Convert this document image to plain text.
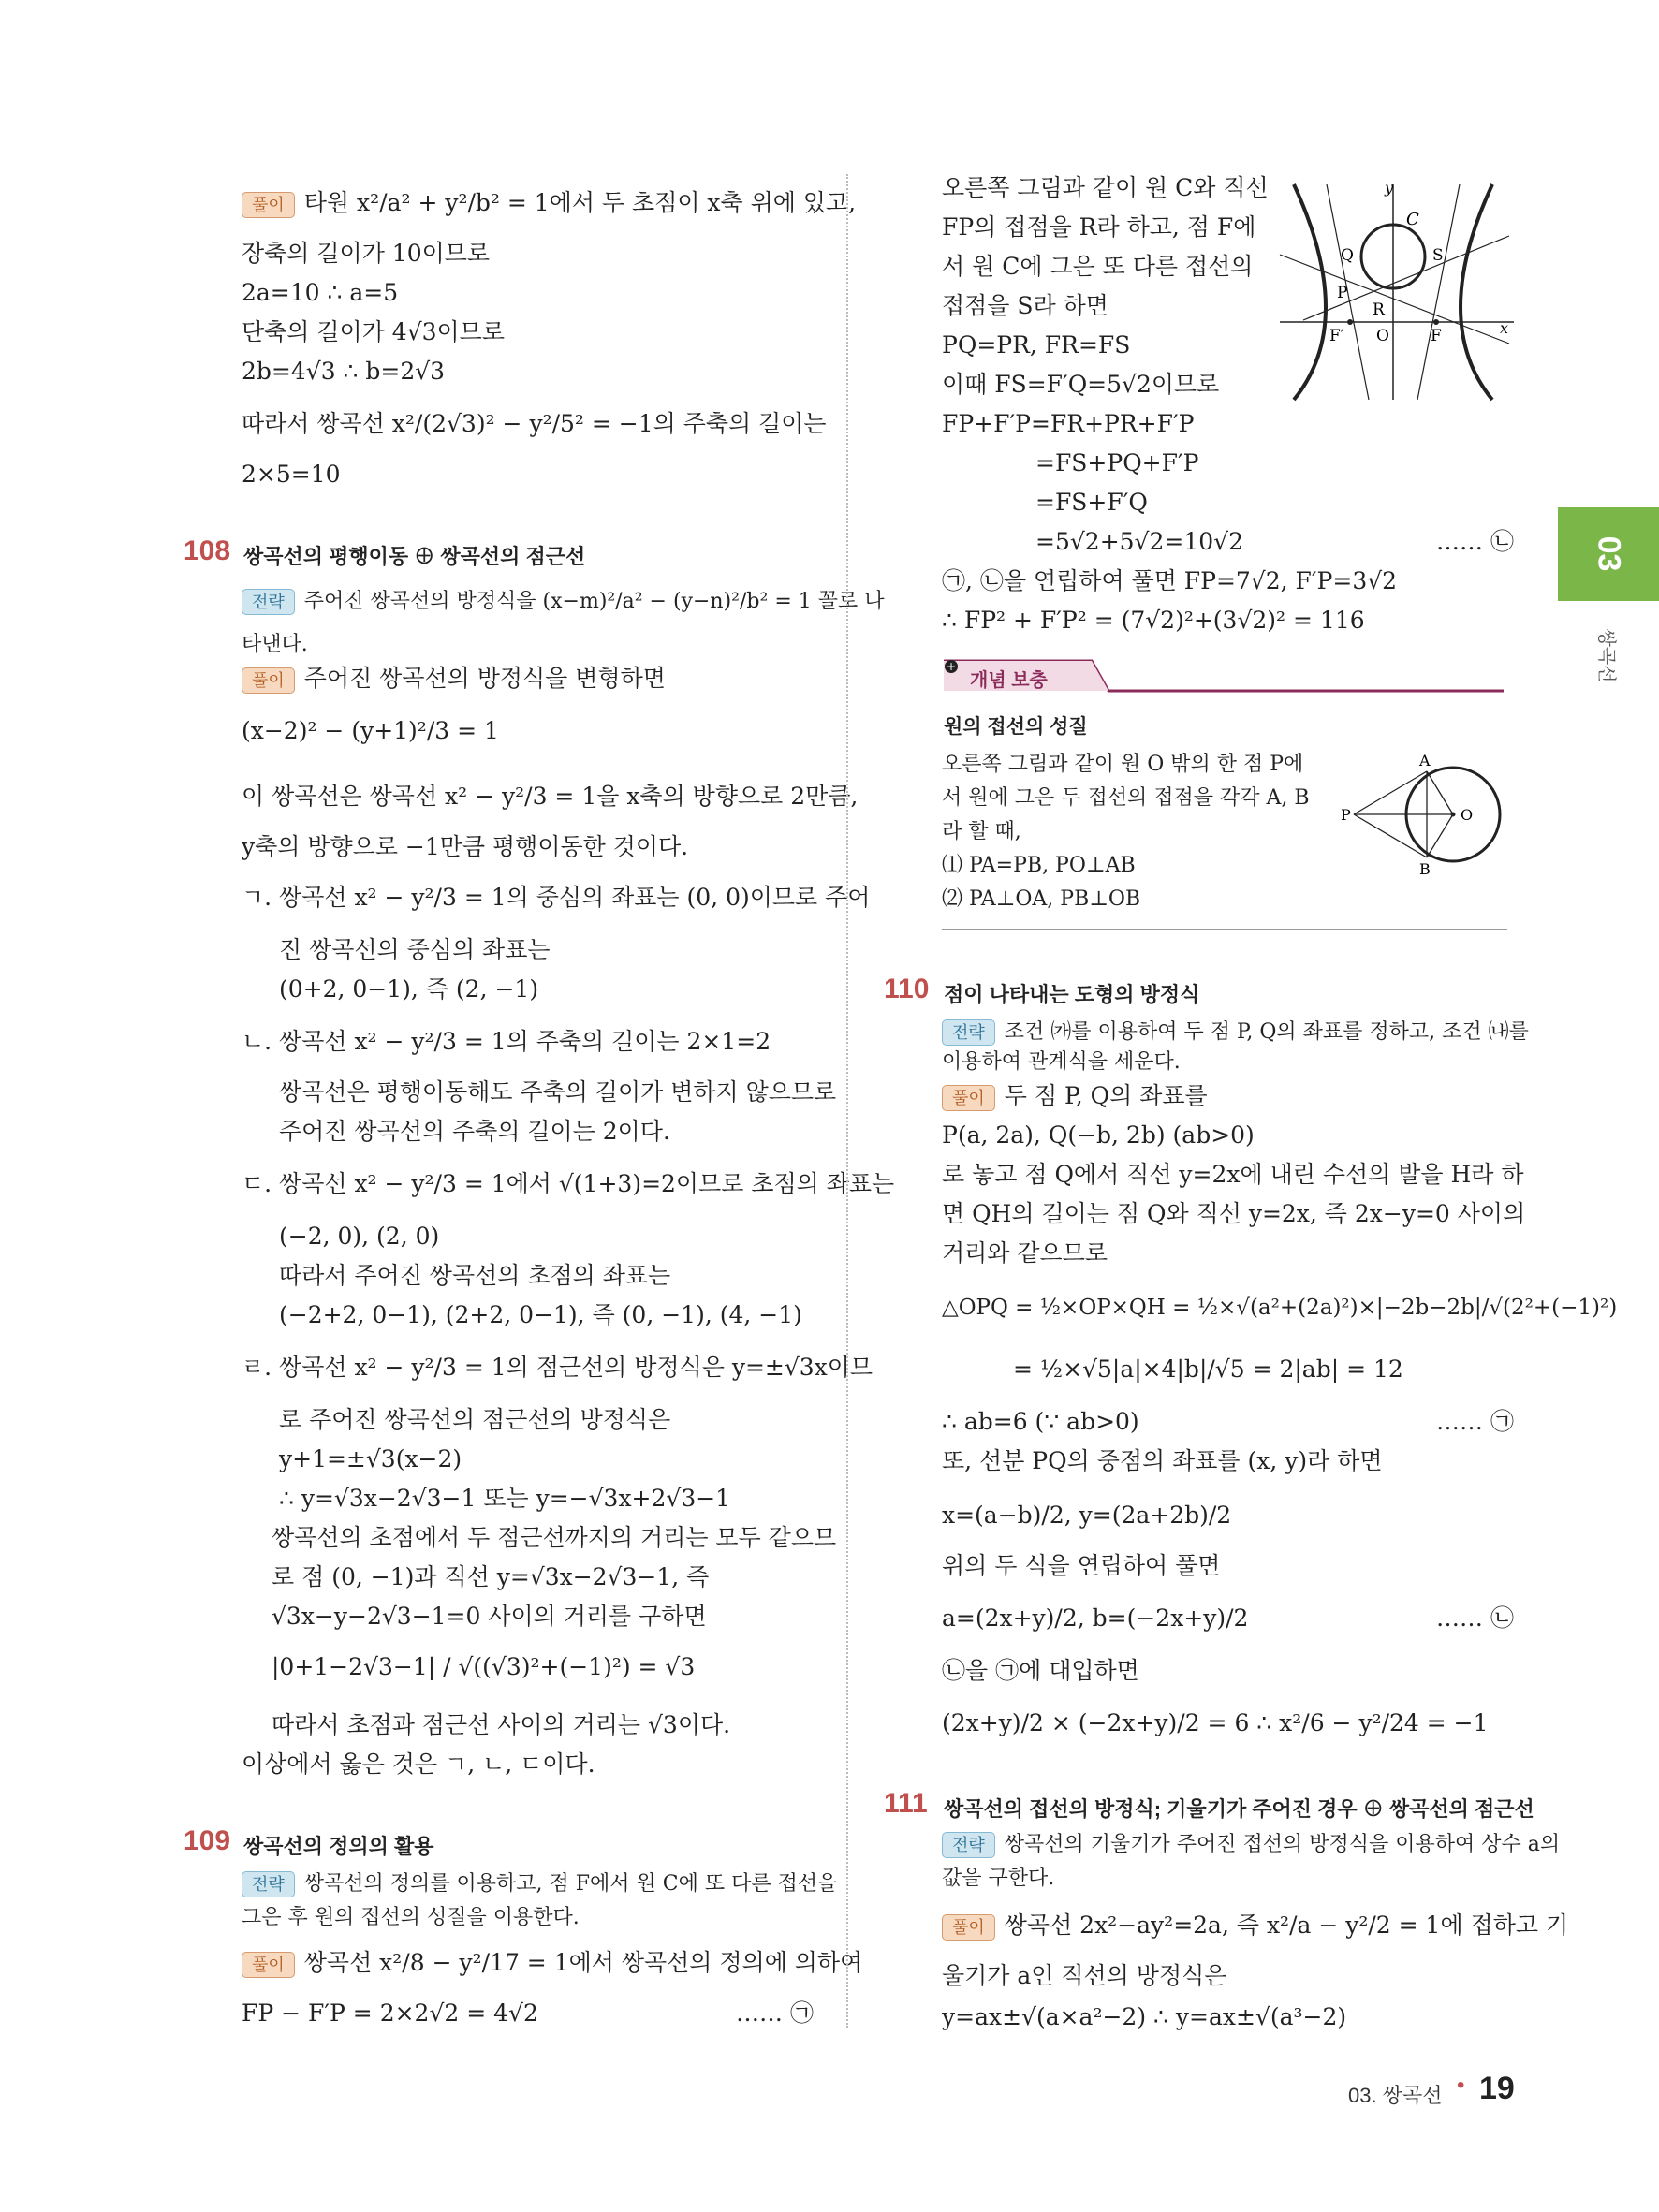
풀이 타원 x²/a² + y²/b² = 1에서 두 초점이 x축 위에 있고,
장축의 길이가 10이므로
2a=10 ∴ a=5
단축의 길이가 4√3이므로
2b=4√3 ∴ b=2√3
따라서 쌍곡선 x²/(2√3)² − y²/5² = −1의 주축의 길이는
2×5=10
108 쌍곡선의 평행이동 ⊕ 쌍곡선의 점근선
전략 주어진 쌍곡선의 방정식을 (x−m)²/a² − (y−n)²/b² = 1 꼴로 나
타낸다.
풀이 주어진 쌍곡선의 방정식을 변형하면
(x−2)² − (y+1)²/3 = 1
이 쌍곡선은 쌍곡선 x² − y²/3 = 1을 x축의 방향으로 2만큼,
y축의 방향으로 −1만큼 평행이동한 것이다.
ㄱ. 쌍곡선 x² − y²/3 = 1의 중심의 좌표는 (0, 0)이므로 주어
진 쌍곡선의 중심의 좌표는
(0+2, 0−1), 즉 (2, −1)
ㄴ. 쌍곡선 x² − y²/3 = 1의 주축의 길이는 2×1=2
쌍곡선은 평행이동해도 주축의 길이가 변하지 않으므로
주어진 쌍곡선의 주축의 길이는 2이다.
ㄷ. 쌍곡선 x² − y²/3 = 1에서 √(1+3)=2이므로 초점의 좌표는
(−2, 0), (2, 0)
따라서 주어진 쌍곡선의 초점의 좌표는
(−2+2, 0−1), (2+2, 0−1), 즉 (0, −1), (4, −1)
ㄹ. 쌍곡선 x² − y²/3 = 1의 점근선의 방정식은 y=±√3x이므
로 주어진 쌍곡선의 점근선의 방정식은
y+1=±√3(x−2)
∴ y=√3x−2√3−1 또는 y=−√3x+2√3−1
쌍곡선의 초점에서 두 점근선까지의 거리는 모두 같으므
로 점 (0, −1)과 직선 y=√3x−2√3−1, 즉
√3x−y−2√3−1=0 사이의 거리를 구하면
|0+1−2√3−1| / √((√3)²+(−1)²) = √3
따라서 초점과 점근선 사이의 거리는 √3이다.
이상에서 옳은 것은 ㄱ, ㄴ, ㄷ이다.
109 쌍곡선의 정의의 활용
전략 쌍곡선의 정의를 이용하고, 점 F에서 원 C에 또 다른 접선을
그은 후 원의 접선의 성질을 이용한다.
풀이 쌍곡선 x²/8 − y²/17 = 1에서 쌍곡선의 정의에 의하여
FP − F′P = 2×2√2 = 4√2	…… ㉠
오른쪽 그림과 같이 원 C와 직선
FP의 접점을 R라 하고, 점 F에
서 원 C에 그은 또 다른 접선의
접점을 S라 하면
PQ=PR, FR=FS
이때 FS=F′Q=5√2이므로
FP+F′P=FR+PR+F′P
=FS+PQ+F′P
=FS+F′Q
=5√2+5√2=10√2	…… ㉡
㉠, ㉡을 연립하여 풀면 FP=7√2, F′P=3√2
∴ FP² + F′P² = (7√2)²+(3√2)² = 116
y
C
Q	S
P
R
F′ O	F	x
+
개념 보충
원의 접선의 성질
오른쪽 그림과 같이 원 O 밖의 한 점 P에
서 원에 그은 두 접선의 접점을 각각 A, B
라 할 때,
⑴ PA=PB, PO⊥AB
⑵ PA⊥OA, PB⊥OB
A
P	O
B
110 점이 나타내는 도형의 방정식
전략 조건 ㈎를 이용하여 두 점 P, Q의 좌표를 정하고, 조건 ㈏를
이용하여 관계식을 세운다.
풀이 두 점 P, Q의 좌표를
P(a, 2a), Q(−b, 2b) (ab>0)
로 놓고 점 Q에서 직선 y=2x에 내린 수선의 발을 H라 하
면 QH의 길이는 점 Q와 직선 y=2x, 즉 2x−y=0 사이의
거리와 같으므로
△OPQ = ½×OP×QH = ½×√(a²+(2a)²)×|−2b−2b|/√(2²+(−1)²)
= ½×√5|a|×4|b|/√5 = 2|ab| = 12
∴ ab=6 (∵ ab>0)	…… ㉠
또, 선분 PQ의 중점의 좌표를 (x, y)라 하면
x=(a−b)/2, y=(2a+2b)/2
위의 두 식을 연립하여 풀면
a=(2x+y)/2, b=(−2x+y)/2	…… ㉡
㉡을 ㉠에 대입하면
(2x+y)/2 × (−2x+y)/2 = 6 ∴ x²/6 − y²/24 = −1
111 쌍곡선의 접선의 방정식; 기울기가 주어진 경우 ⊕ 쌍곡선의 점근선
전략 쌍곡선의 기울기가 주어진 접선의 방정식을 이용하여 상수 a의
값을 구한다.
풀이 쌍곡선 2x²−ay²=2a, 즉 x²/a − y²/2 = 1에 접하고 기
울기가 a인 직선의 방정식은
y=ax±√(a×a²−2) ∴ y=ax±√(a³−2)
03
쌍곡선
03. 쌍곡선 • 19
